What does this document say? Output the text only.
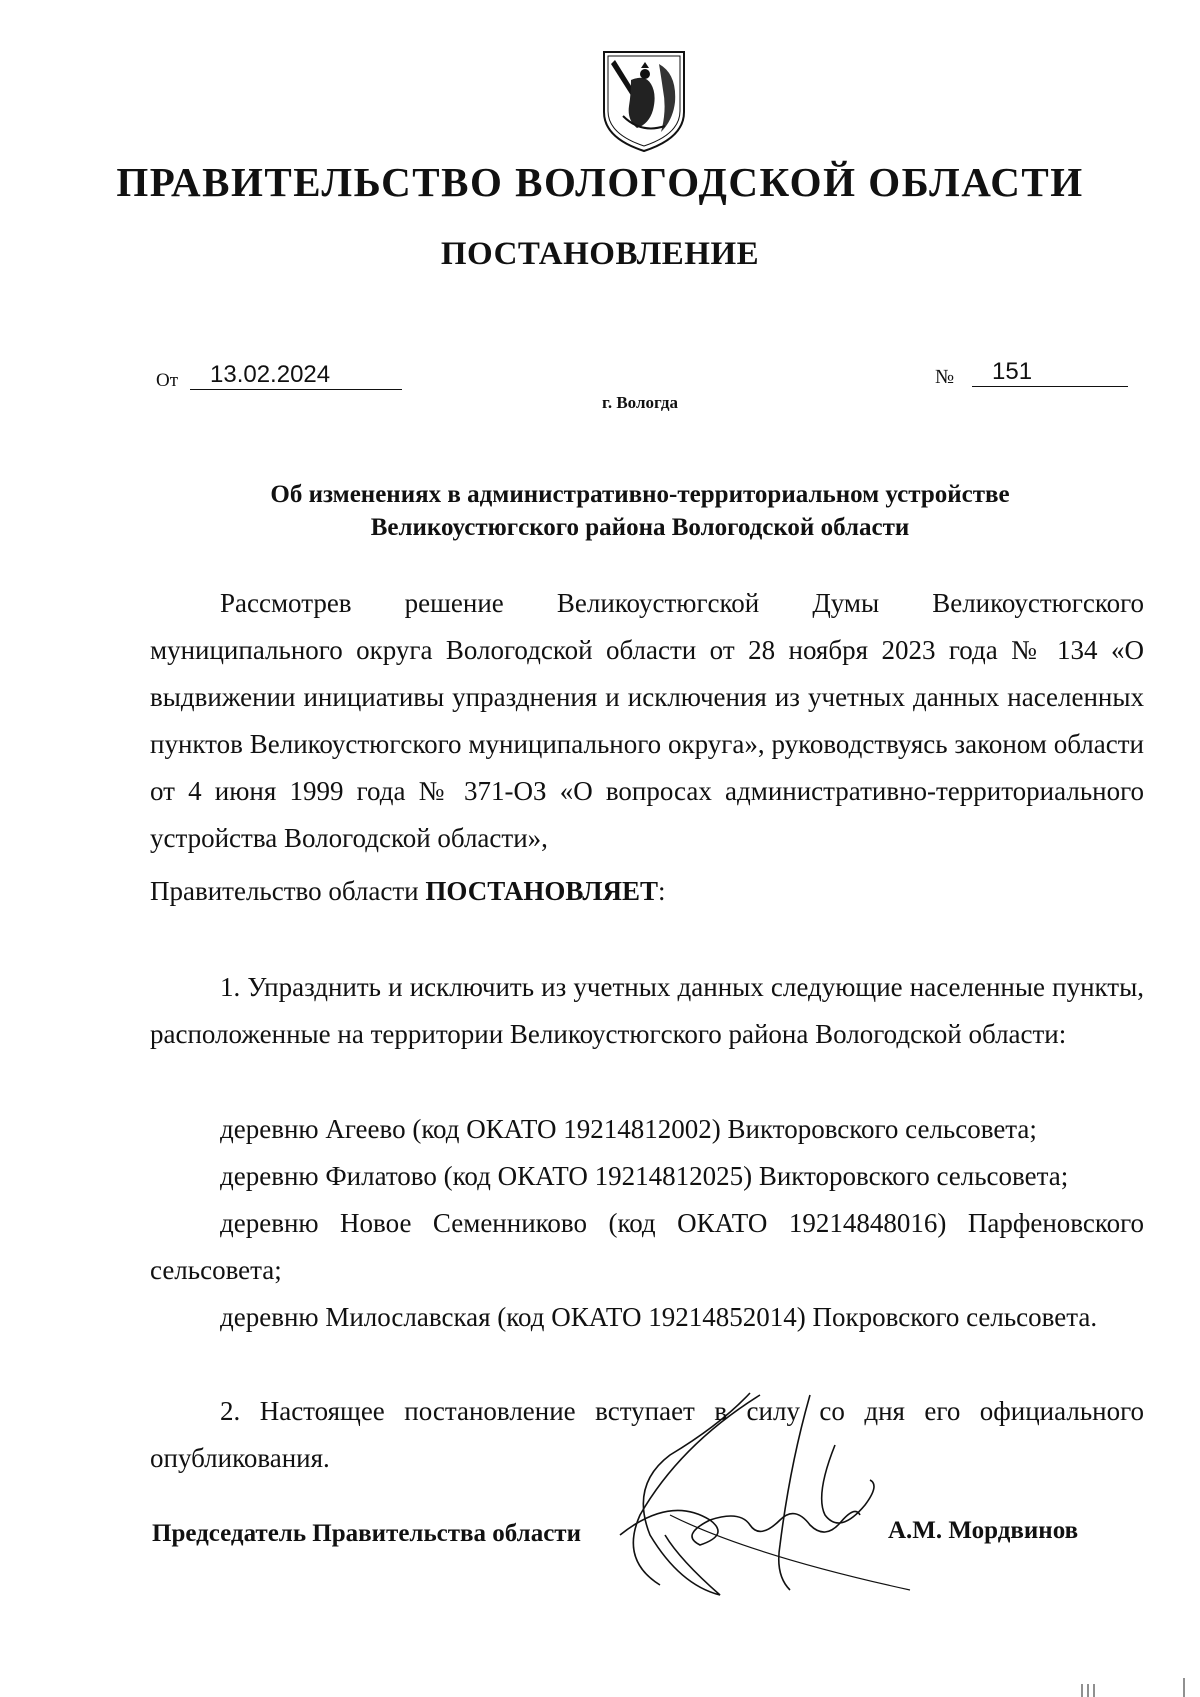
ПРАВИТЕЛЬСТВО ВОЛОГОДСКОЙ ОБЛАСТИ
ПОСТАНОВЛЕНИЕ
От	13.02.2024	№	151
г. Вологда
Об изменениях в административно-территориальном устройстве
Великоустюгского района Вологодской области
Рассмотрев решение Великоустюгской Думы Великоустюгского муниципального округа Вологодской области от 28 ноября 2023 года № 134 «О выдвижении инициативы упразднения и исключения из учетных данных населенных пунктов Великоустюгского муниципального округа», руководствуясь законом области от 4 июня 1999 года № 371-ОЗ «О вопросах административно-территориального устройства Вологодской области»,
Правительство области ПОСТАНОВЛЯЕТ:
1. Упразднить и исключить из учетных данных следующие населенные пункты, расположенные на территории Великоустюгского района Вологодской области:
деревню Агеево (код ОКАТО 19214812002) Викторовского сельсовета;
деревню Филатово (код ОКАТО 19214812025) Викторовского сельсовета;
деревню Новое Семенниково (код ОКАТО 19214848016) Парфеновского сельсовета;
деревню Милославская (код ОКАТО 19214852014) Покровского сельсовета.
2. Настоящее постановление вступает в силу со дня его официального опубликования.
Председатель Правительства области	А.М. Мордвинов
